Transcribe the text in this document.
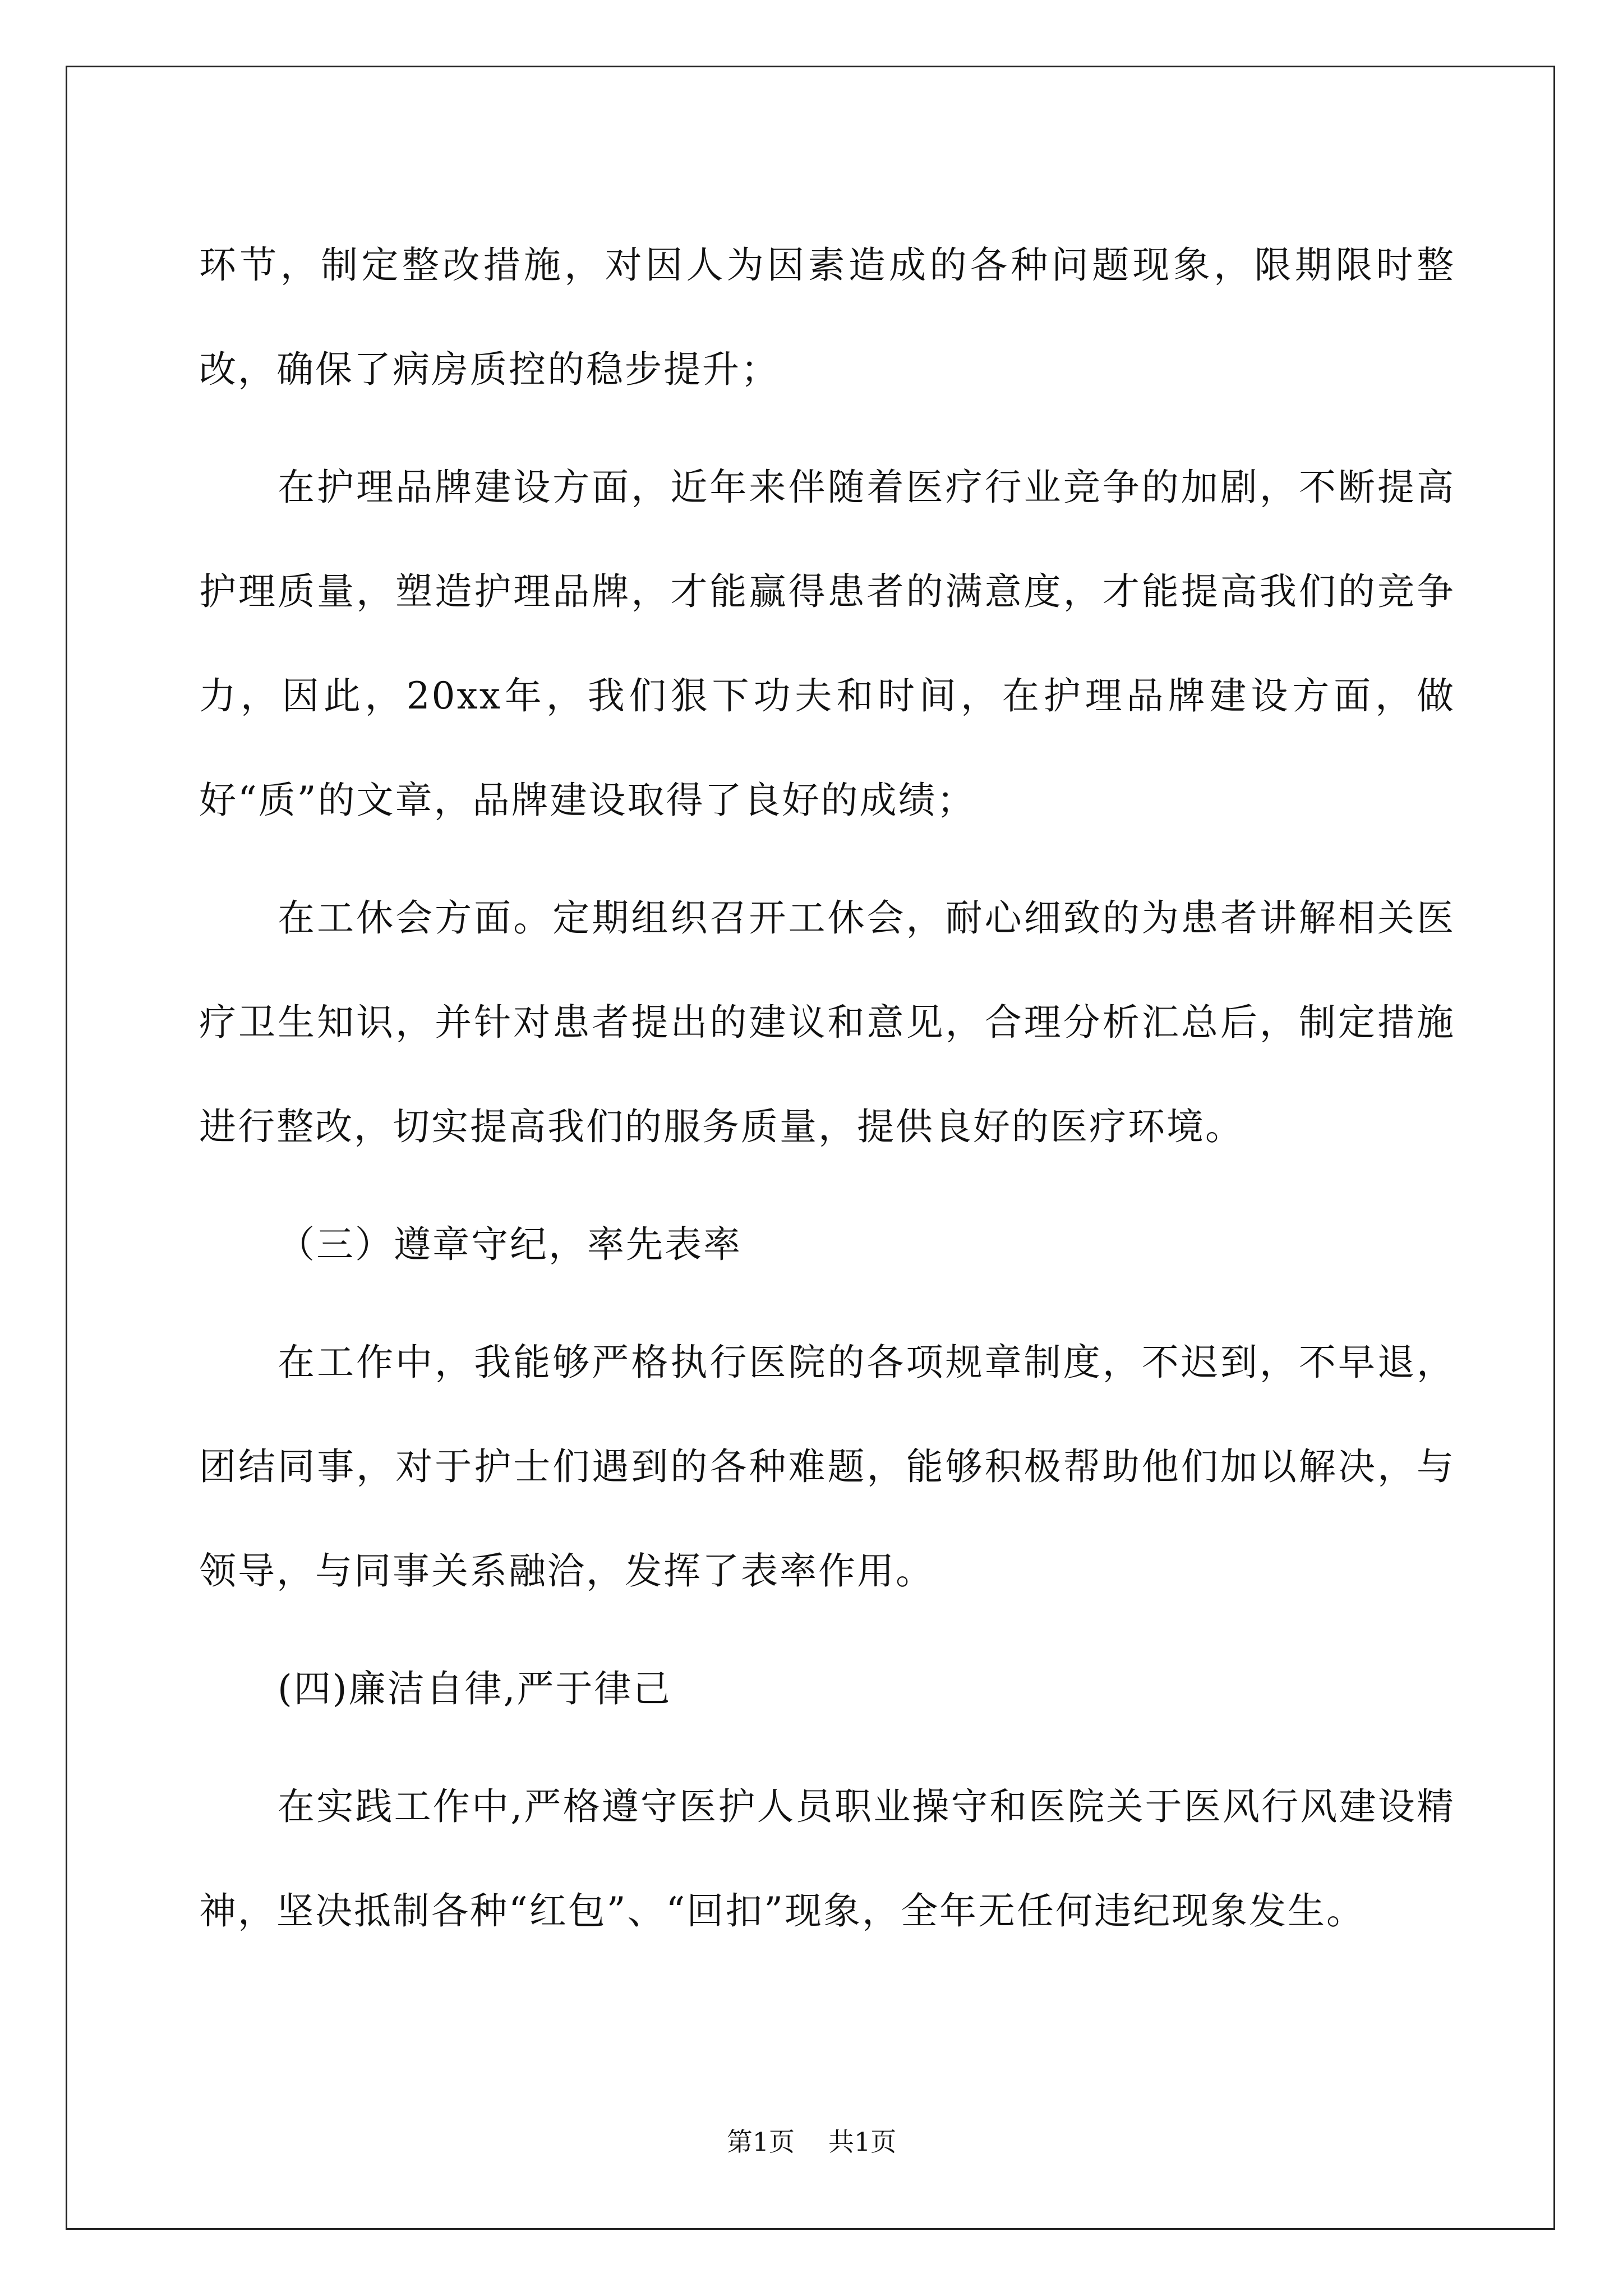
环节，制定整改措施，对因人为因素造成的各种问题现象，限期限时整改，确保了病房质控的稳步提升；

在护理品牌建设方面，近年来伴随着医疗行业竞争的加剧，不断提高护理质量，塑造护理品牌，才能赢得患者的满意度，才能提高我们的竞争力，因此，20xx年，我们狠下功夫和时间，在护理品牌建设方面，做好“质”的文章，品牌建设取得了良好的成绩；

在工休会方面。定期组织召开工休会，耐心细致的为患者讲解相关医疗卫生知识，并针对患者提出的建议和意见，合理分析汇总后，制定措施进行整改，切实提高我们的服务质量，提供良好的医疗环境。

（三）遵章守纪，率先表率

在工作中，我能够严格执行医院的各项规章制度，不迟到，不早退，团结同事，对于护士们遇到的各种难题，能够积极帮助他们加以解决，与领导，与同事关系融洽，发挥了表率作用。

(四)廉洁自律,严于律己

在实践工作中,严格遵守医护人员职业操守和医院关于医风行风建设精神，坚决抵制各种“红包”、“回扣”现象，全年无任何违纪现象发生。

第1页 共1页
